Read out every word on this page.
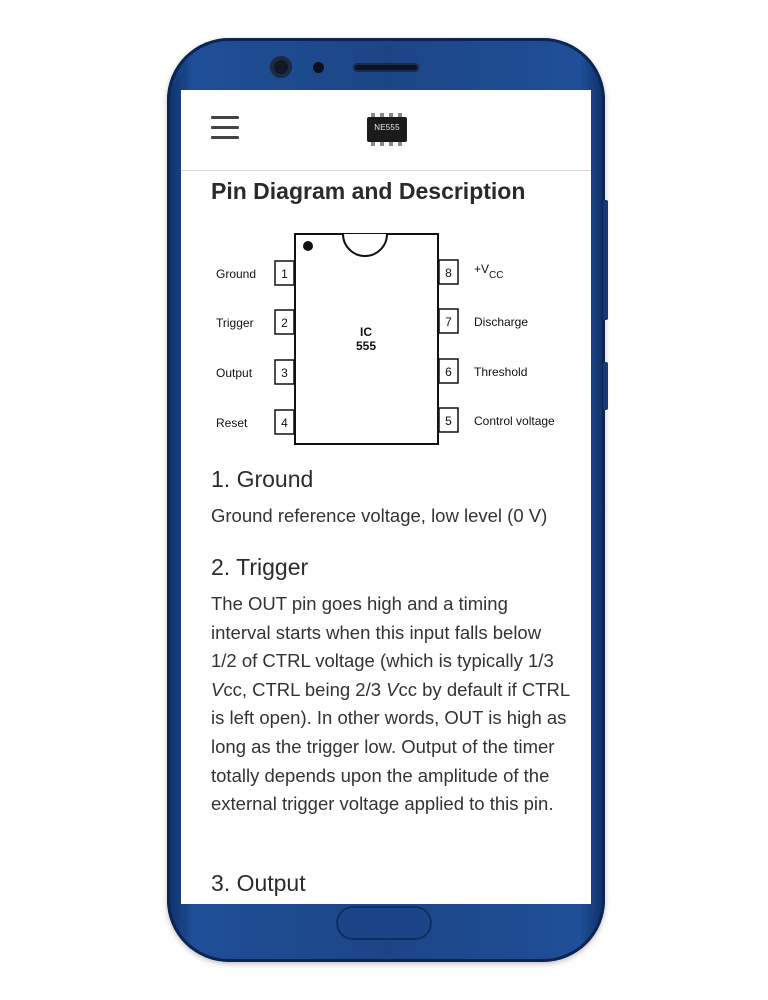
NE555
Pin Diagram and Description
IC
555
1
Ground
2
Trigger
3
Output
4
Reset
$8 +V_{CC}$
7 Discharge
6 Threshold
5 Control voltage
1. Ground
Ground reference voltage, low level (0 V)
2. Trigger
The OUT pin goes high and a timing interval starts when this input falls below 1/2 of CTRL voltage (which is typically 1/3 Vcc, CTRL being 2/3 Vcc by default if CTRL is left open). In other words, OUT is high as long as the trigger low. Output of the timer totally depends upon the amplitude of the external trigger voltage applied to this pin.
3. Output
